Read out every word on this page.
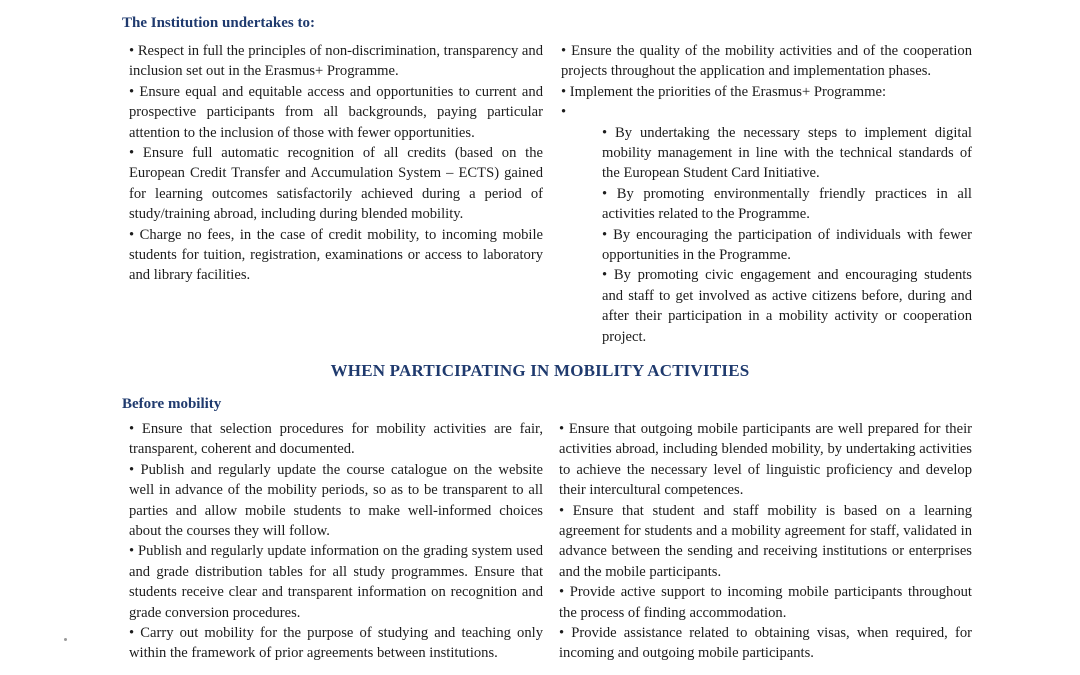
The Institution undertakes to:
• Respect in full the principles of non-discrimination, transparency and inclusion set out in the Erasmus+ Programme.
• Ensure equal and equitable access and opportunities to current and prospective participants from all backgrounds, paying particular attention to the inclusion of those with fewer opportunities.
• Ensure full automatic recognition of all credits (based on the European Credit Transfer and Accumulation System – ECTS) gained for learning outcomes satisfactorily achieved during a period of study/training abroad, including during blended mobility.
• Charge no fees, in the case of credit mobility, to incoming mobile students for tuition, registration, examinations or access to laboratory and library facilities.
• Ensure the quality of the mobility activities and of the cooperation projects throughout the application and implementation phases.
• Implement the priorities of the Erasmus+ Programme:
• • By undertaking the necessary steps to implement digital mobility management in line with the technical standards of the European Student Card Initiative.
• By promoting environmentally friendly practices in all activities related to the Programme.
• By encouraging the participation of individuals with fewer opportunities in the Programme.
• By promoting civic engagement and encouraging students and staff to get involved as active citizens before, during and after their participation in a mobility activity or cooperation project.
WHEN PARTICIPATING IN MOBILITY ACTIVITIES
Before mobility
• Ensure that selection procedures for mobility activities are fair, transparent, coherent and documented.
• Publish and regularly update the course catalogue on the website well in advance of the mobility periods, so as to be transparent to all parties and allow mobile students to make well-informed choices about the courses they will follow.
• Publish and regularly update information on the grading system used and grade distribution tables for all study programmes. Ensure that students receive clear and transparent information on recognition and grade conversion procedures.
• Carry out mobility for the purpose of studying and teaching only within the framework of prior agreements between institutions.
• Ensure that outgoing mobile participants are well prepared for their activities abroad, including blended mobility, by undertaking activities to achieve the necessary level of linguistic proficiency and develop their intercultural competences.
• Ensure that student and staff mobility is based on a learning agreement for students and a mobility agreement for staff, validated in advance between the sending and receiving institutions or enterprises and the mobile participants.
• Provide active support to incoming mobile participants throughout the process of finding accommodation.
• Provide assistance related to obtaining visas, when required, for incoming and outgoing mobile participants.
